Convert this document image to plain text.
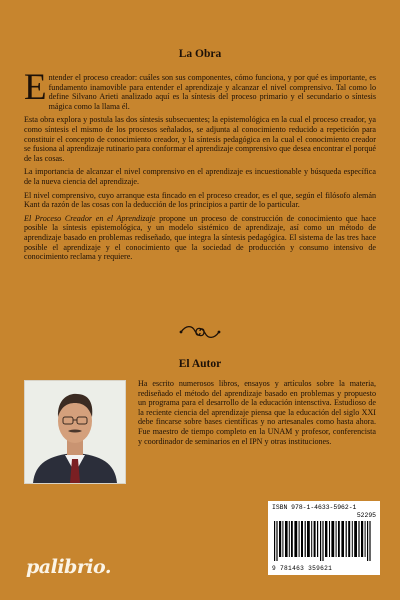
La Obra

Entender el proceso creador: cuáles son sus componentes, cómo funciona, y por qué es importante, es fundamento inamovible para entender el aprendizaje y alcanzar el nivel comprensivo. Tal como lo define Silvano Arieti analizado aquí es la síntesis del proceso primario y el secundario o síntesis mágica como la llama él.

Esta obra explora y postula las dos síntesis subsecuentes; la epistemológica en la cual el proceso creador, ya como síntesis el mismo de los procesos señalados, se adjunta al conocimiento reducido a repetición para constituir el concepto de conocimiento creador, y la síntesis pedagógica en la cual el conocimiento creador se fusiona al aprendizaje rutinario para conformar el aprendizaje comprensivo que desea encontrar el porqué de las cosas.

La importancia de alcanzar el nivel comprensivo en el aprendizaje es incuestionable y búsqueda específica de la nueva ciencia del aprendizaje.

El nivel comprensivo, cuyo arranque esta fincado en el proceso creador, es el que, según el filósofo alemán Kant da razón de las cosas con la deducción de los principios a partir de lo particular.

El Proceso Creador en el Aprendizaje propone un proceso de construcción de conocimiento que hace posible la síntesis epistemológica, y un modelo sistémico de aprendizaje, así como un método de aprendizaje basado en problemas rediseñado, que integra la síntesis pedagógica. El sistema de las tres hace posible el aprendizaje y el conocimiento que la sociedad de producción y consumo intensivo de conocimiento reclama y requiere.

El Autor
Ha escrito numerosos libros, ensayos y artículos sobre la materia, rediseñado el método del aprendizaje basado en problemas y propuesto un programa para el desarrollo de la educación intensctiva. Estudioso de la reciente ciencia del aprendizaje piensa que la educación del siglo XXI debe fincarse sobre bases científicas y no artesanales como hasta ahora. Fue maestro de tiempo completo en la UNAM y profesor, conferencista y coordinador de seminarios en el IPN y otras instituciones.
ISBN 978-1-4633-5962-1
52295
9 781463 359621
palibrio.
